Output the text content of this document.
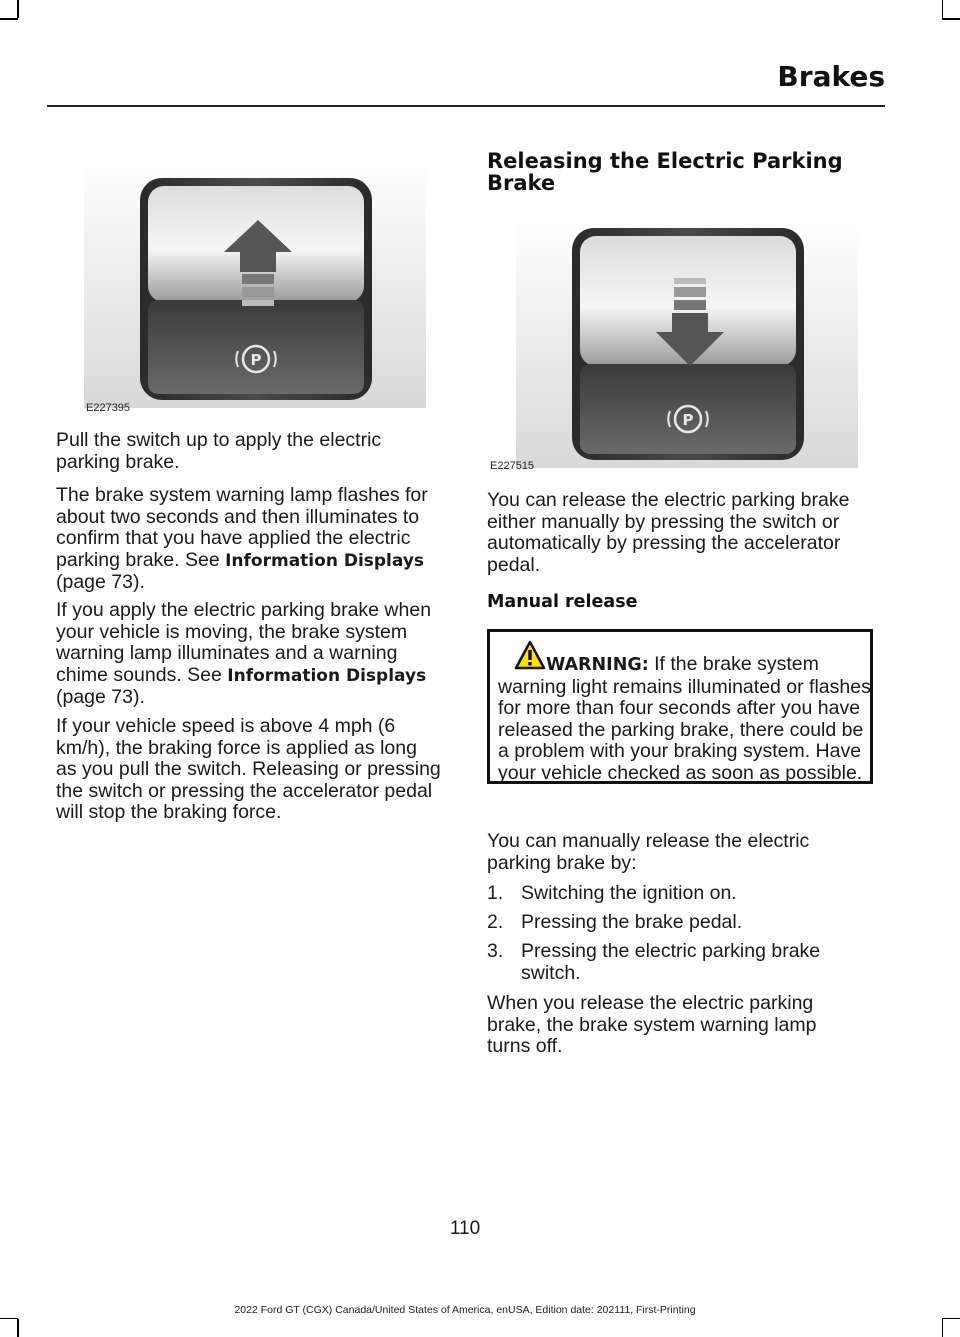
Brakes
P
E227395

Pull the switch up to apply the electric parking brake.

The brake system warning lamp flashes for about two seconds and then illuminates to confirm that you have applied the electric parking brake. See Information Displays (page 73).

If you apply the electric parking brake when your vehicle is moving, the brake system warning lamp illuminates and a warning chime sounds. See Information Displays
(page 73).

If your vehicle speed is above 4 mph (6 km/h), the braking force is applied as long as you pull the switch. Releasing or pressing the switch or pressing the accelerator pedal will stop the braking force.

Releasing the Electric Parking Brake
P
E227515

You can release the electric parking brake either manually by pressing the switch or automatically by pressing the accelerator pedal.

Manual release
WARNING: If the brake system warning light remains illuminated or flashes for more than four seconds after you have released the parking brake, there could be a problem with your braking system. Have your vehicle checked as soon as possible.

You can manually release the electric parking brake by:

1. Switching the ignition on.
2. Pressing the brake pedal.
3. Pressing the electric parking brake switch.

When you release the electric parking brake, the brake system warning lamp turns off.

110
2022 Ford GT (CGX) Canada/United States of America, enUSA, Edition date: 202111, First-Printing
